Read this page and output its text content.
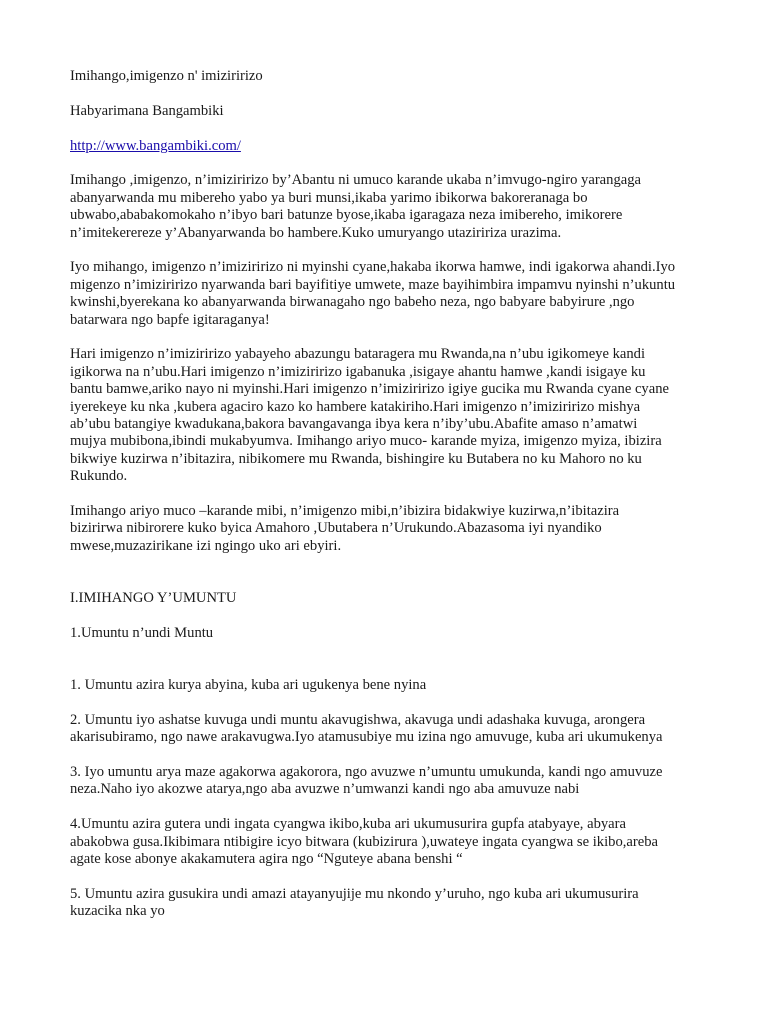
Imihango,imigenzo n' imiziririzo

Habyarimana Bangambiki

http://www.bangambiki.com/

Imihango ,imigenzo, n’imiziririzo by’Abantu ni umuco karande ukaba n’imvugo-ngiro yarangaga
abanyarwanda mu mibereho yabo ya buri munsi,ikaba yarimo ibikorwa bakoreranaga bo
ubwabo,ababakomokaho n’ibyo bari batunze byose,ikaba igaragaza neza imibereho, imikorere
n’imitekerereze y’Abanyarwanda bo hambere.Kuko umuryango utaziririza urazima.

Iyo mihango, imigenzo n’imiziririzo ni myinshi cyane,hakaba ikorwa hamwe, indi igakorwa ahandi.Iyo
migenzo n’imiziririzo nyarwanda bari bayifitiye umwete, maze bayihimbira impamvu nyinshi n’ukuntu
kwinshi,byerekana ko abanyarwanda birwanagaho ngo babeho neza, ngo babyare babyirure ,ngo
batarwara ngo bapfe igitaraganya!

Hari imigenzo n’imiziririzo yabayeho abazungu bataragera mu Rwanda,na n’ubu igikomeye kandi
igikorwa na n’ubu.Hari imigenzo n’imiziririzo igabanuka ,isigaye ahantu hamwe ,kandi isigaye ku
bantu bamwe,ariko nayo ni myinshi.Hari imigenzo n’imiziririzo igiye gucika mu Rwanda cyane cyane
iyerekeye ku nka ,kubera agaciro kazo ko hambere katakiriho.Hari imigenzo n’imiziririzo mishya
ab’ubu batangiye kwadukana,bakora bavangavanga ibya kera n’iby’ubu.Abafite amaso n’amatwi
mujya mubibona,ibindi mukabyumva. Imihango ariyo muco- karande myiza, imigenzo myiza, ibizira
bikwiye kuzirwa n’ibitazira, nibikomere mu Rwanda, bishingire ku Butabera no ku Mahoro no ku
Rukundo.

Imihango ariyo muco –karande mibi, n’imigenzo mibi,n’ibizira bidakwiye kuzirwa,n’ibitazira
bizirirwa nibirorere kuko byica Amahoro ,Ubutabera n’Urukundo.Abazasoma iyi nyandiko
mwese,muzazirikane izi ngingo uko ari ebyiri.

I.IMIHANGO Y’UMUNTU

1.Umuntu n’undi Muntu

1. Umuntu azira kurya abyina, kuba ari ugukenya bene nyina

2. Umuntu iyo ashatse kuvuga undi muntu akavugishwa, akavuga undi adashaka kuvuga, arongera
akarisubiramo, ngo nawe arakavugwa.Iyo atamusubiye mu izina ngo amuvuge, kuba ari ukumukenya

3. Iyo umuntu arya maze agakorwa agakorora, ngo avuzwe n’umuntu umukunda, kandi ngo amuvuze
neza.Naho iyo akozwe atarya,ngo aba avuzwe n’umwanzi kandi ngo aba amuvuze nabi

4.Umuntu azira gutera undi ingata cyangwa ikibo,kuba ari ukumusurira gupfa atabyaye, abyara
abakobwa gusa.Ikibimara ntibigire icyo bitwara (kubizirura ),uwateye ingata cyangwa se ikibo,areba
agate kose abonye akakamutera agira ngo “Nguteye abana benshi “

5. Umuntu azira gusukira undi amazi atayanyujije mu nkondo y’uruho, ngo kuba ari ukumusurira
kuzacika nka yo
